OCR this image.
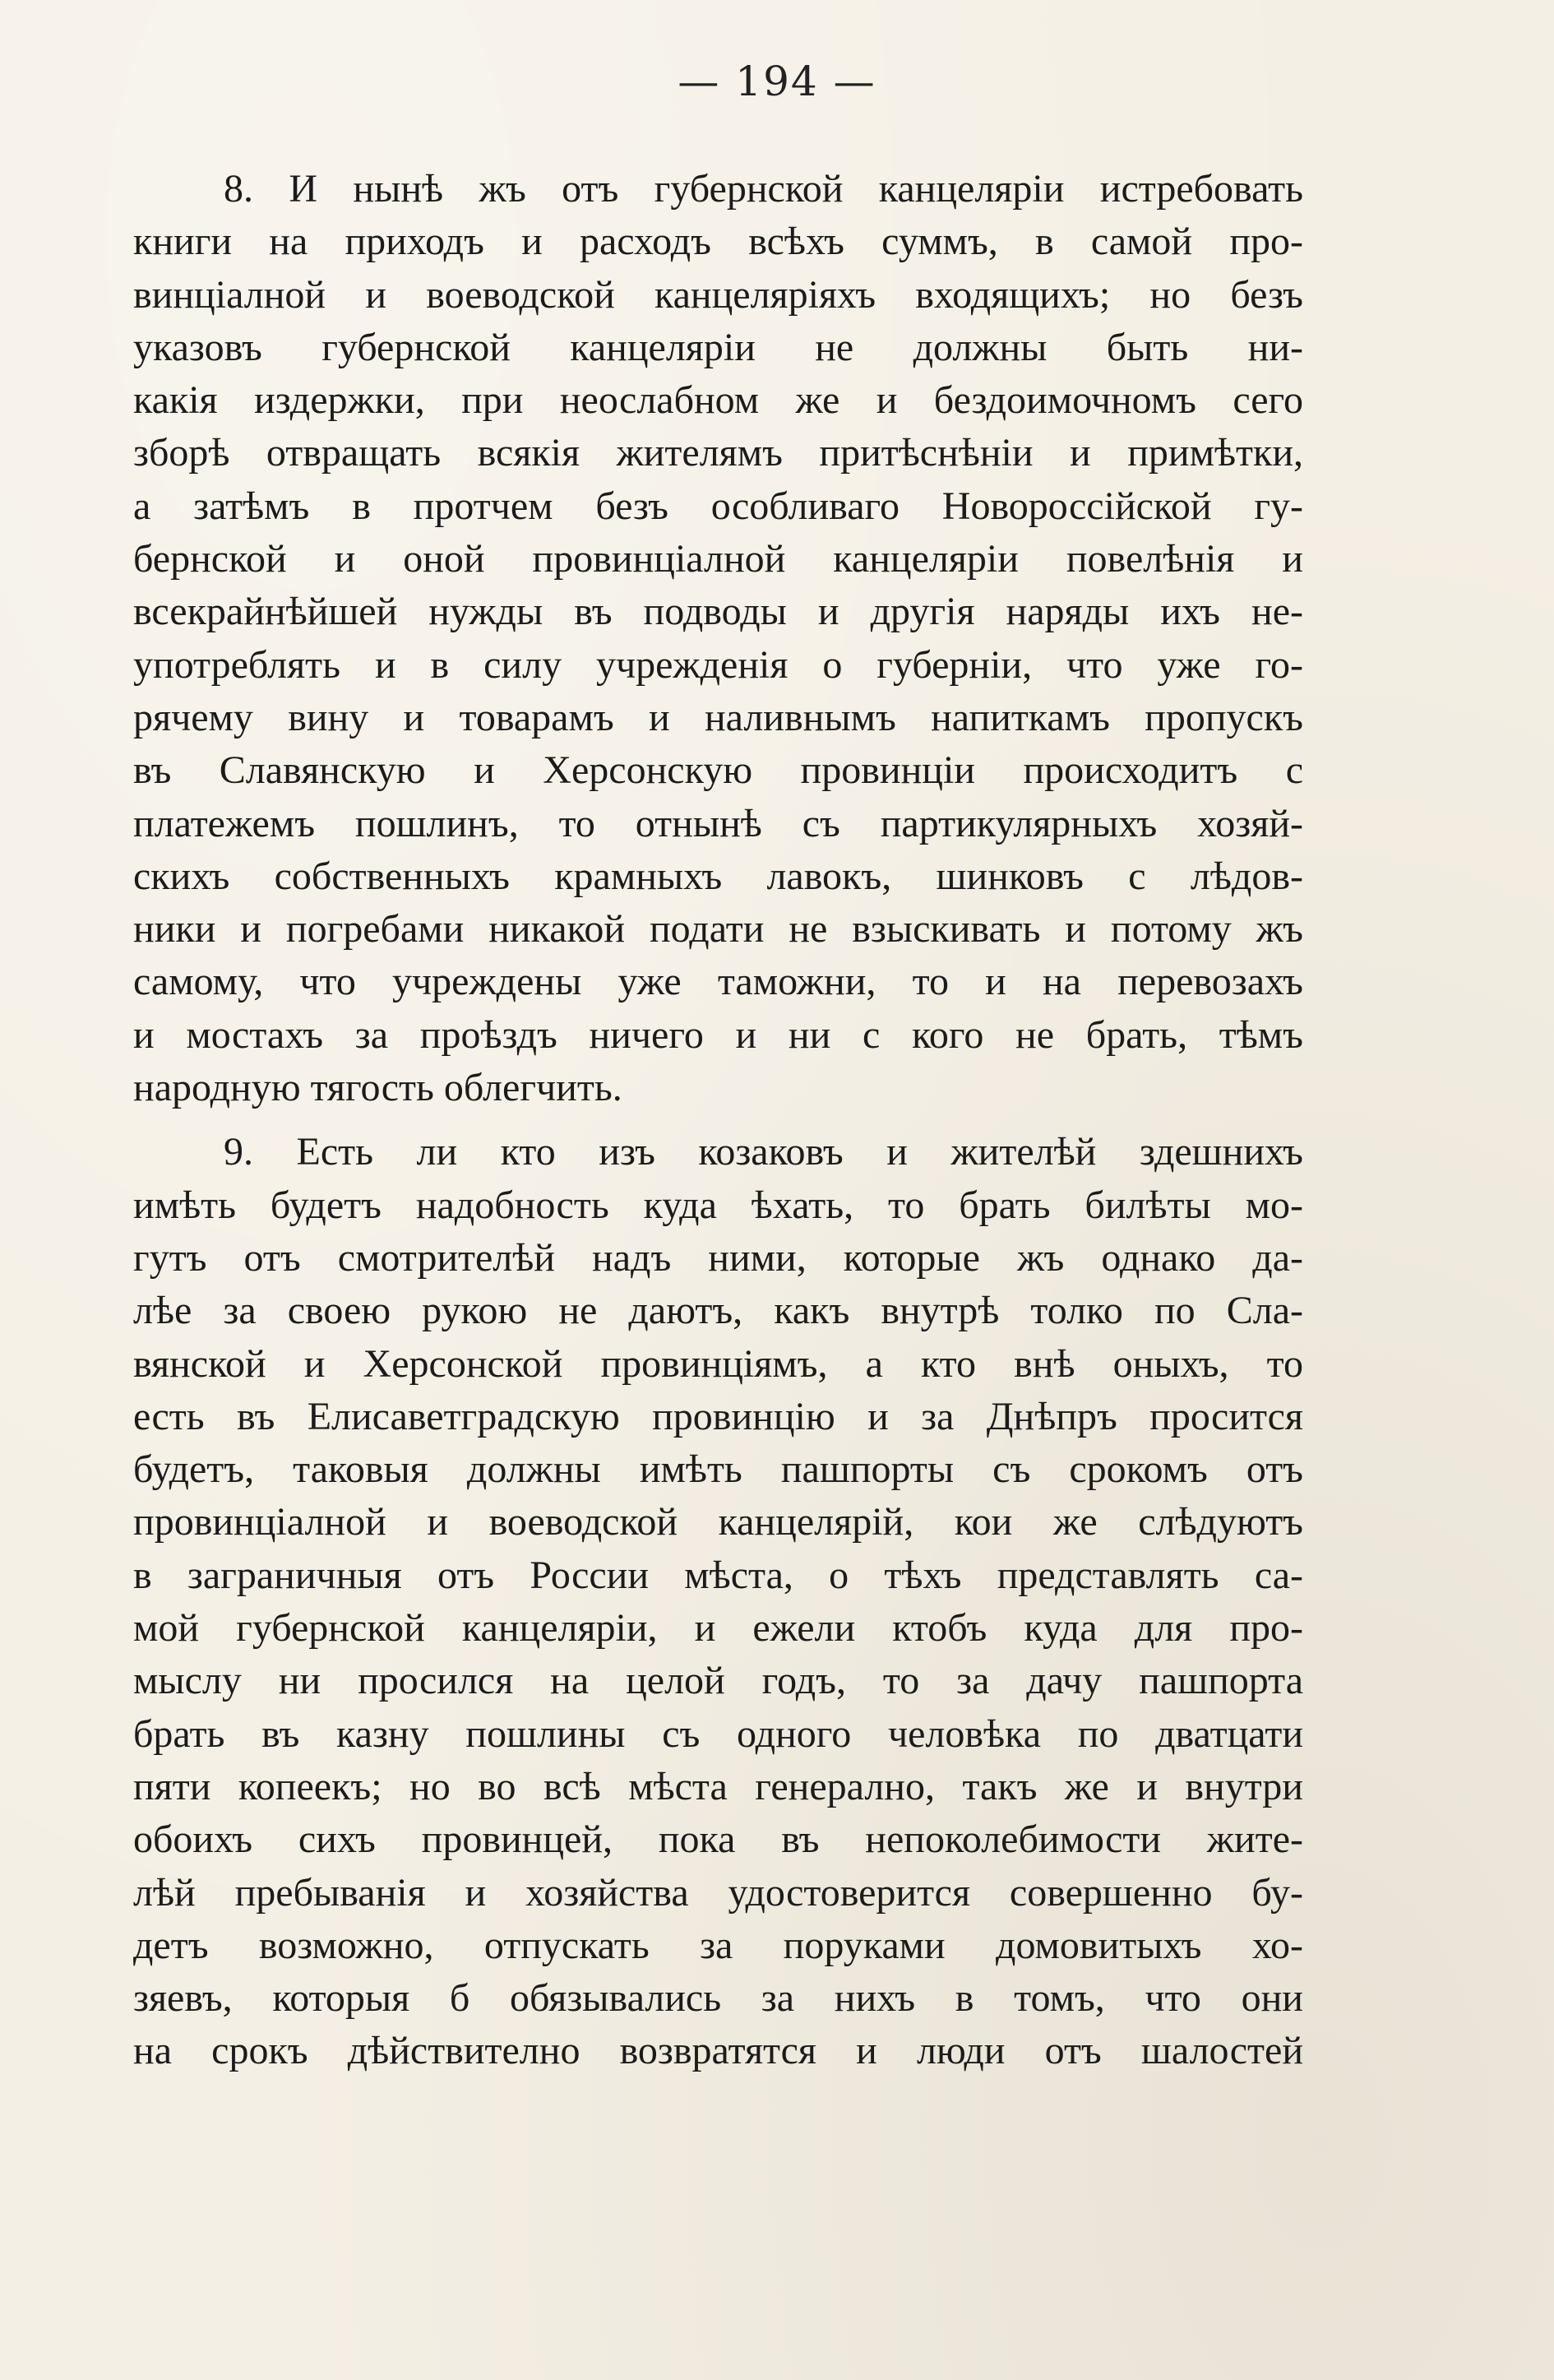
— 194 —
8. И нынѣ жъ отъ губернской канцеляріи истребовать
книги на приходъ и расходъ всѣхъ суммъ, в самой про-
винціалной и воеводской канцеляріяхъ входящихъ; но безъ
указовъ губернской канцеляріи не должны быть ни-
какія издержки, при неослабном же и бездоимочномъ сего
зборѣ отвращать всякія жителямъ притѣснѣніи и примѣтки,
а затѣмъ в протчем безъ особливаго Новороссійской гу-
бернской и оной провинціалной канцеляріи повелѣнія и
всекрайнѣйшей нужды въ подводы и другія наряды ихъ не-
употреблять и в силу учрежденія о губерніи, что уже го-
рячему вину и товарамъ и наливнымъ напиткамъ пропускъ
въ Славянскую и Херсонскую провинціи происходитъ с
платежемъ пошлинъ, то отнынѣ съ партикулярныхъ хозяй-
скихъ собственныхъ крамныхъ лавокъ, шинковъ с лѣдов-
ники и погребами никакой подати не взыскивать и потому жъ
самому, что учреждены уже таможни, то и на перевозахъ
и мостахъ за проѣздъ ничего и ни с кого не брать, тѣмъ
народную тягость облегчить.
9. Есть ли кто изъ козаковъ и жителѣй здешнихъ
имѣть будетъ надобность куда ѣхать, то брать билѣты мо-
гутъ отъ смотрителѣй надъ ними, которые жъ однако да-
лѣе за своею рукою не даютъ, какъ внутрѣ толко по Сла-
вянской и Херсонской провинціямъ, а кто внѣ оныхъ, то
есть въ Елисаветградскую провинцію и за Днѣпръ просится
будетъ, таковыя должны имѣть пашпорты съ срокомъ отъ
провинціалной и воеводской канцелярій, кои же слѣдуютъ
в заграничныя отъ России мѣста, о тѣхъ представлять са-
мой губернской канцеляріи, и ежели ктобъ куда для про-
мыслу ни просился на целой годъ, то за дачу пашпорта
брать въ казну пошлины съ одного человѣка по дватцати
пяти копеекъ; но во всѣ мѣста генерално, такъ же и внутри
обоихъ сихъ провинцей, пока въ непоколебимости жите-
лѣй пребыванія и хозяйства удостоверится совершенно бу-
детъ возможно, отпускать за поруками домовитыхъ хо-
зяевъ, которыя б обязывались за нихъ в томъ, что они
на срокъ дѣйствително возвратятся и люди отъ шалостей
